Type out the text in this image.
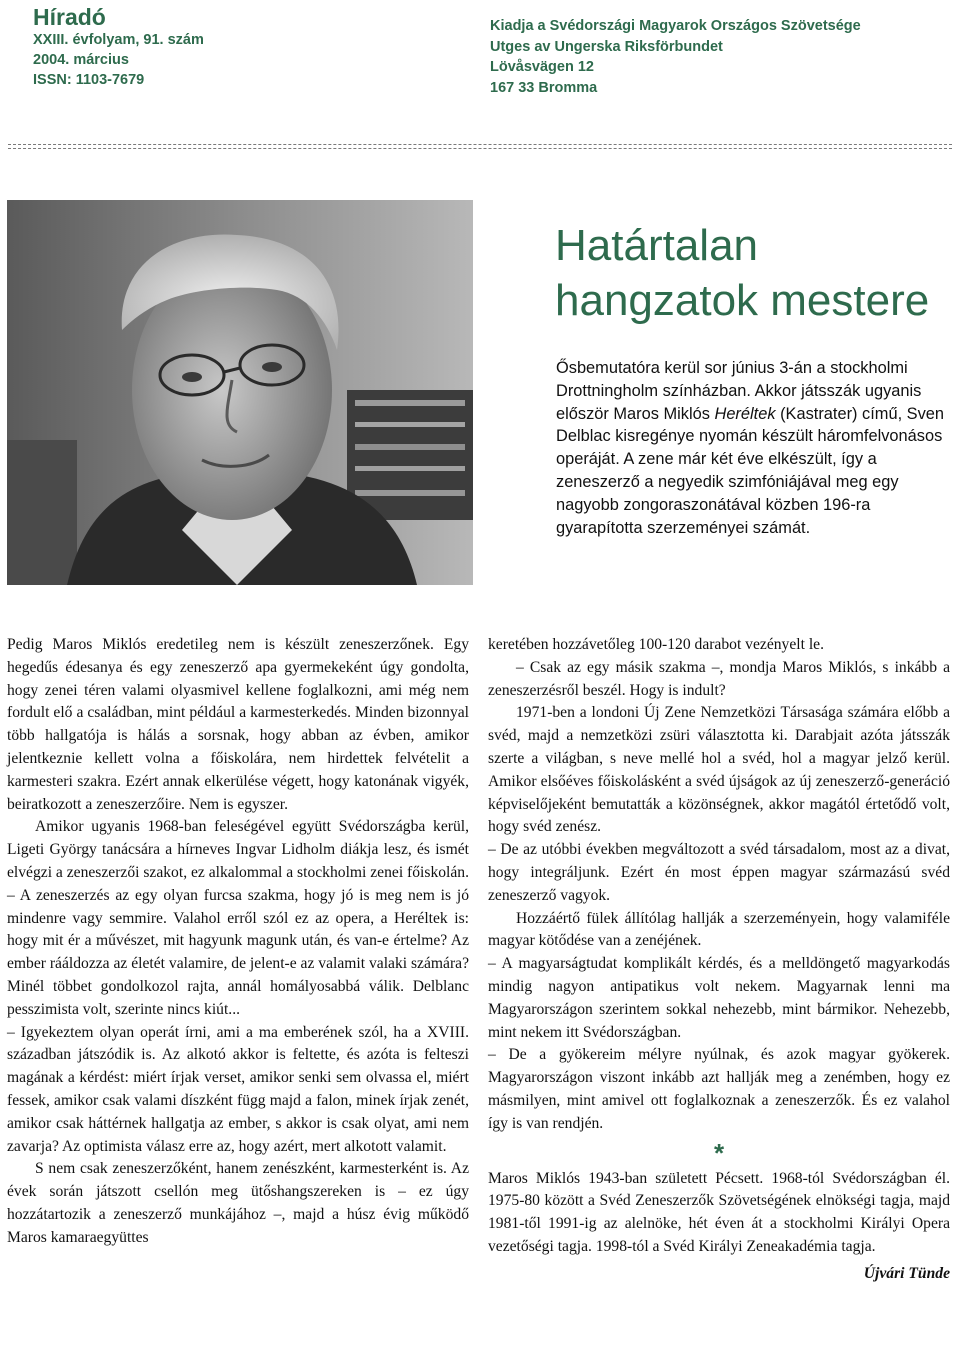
Híradó
XXIII. évfolyam, 91. szám
2004. március
ISSN: 1103-7679
Kiadja a Svédországi Magyarok Országos Szövetsége
Utges av Ungerska Riksförbundet
Lövåsvägen 12
167 33 Bromma
Határtalan
hangzatok mestere

Ősbemutatóra kerül sor június 3-án a stockholmi Drottningholm színházban. Akkor játsszák ugyanis először Maros Miklós Heréltek (Kastrater) című, Sven Delblac kisregénye nyomán készült háromfelvonásos operáját. A zene már két éve elkészült, így a zeneszerző a negyedik szimfóniájával meg egy nagyobb zongoraszonátával közben 196-ra gyarapította szerzeményei számát.

Pedig Maros Miklós eredetileg nem is készült zeneszerzőnek. Egy hegedűs édesanya és egy zeneszerző apa gyermekeként úgy gondolta, hogy zenei téren valami olyasmivel kellene foglalkozni, ami még nem fordult elő a családban, mint például a karmesterkedés. Minden bizonnyal több hallgatója is hálás a sorsnak, hogy abban az évben, amikor jelentkeznie kellett volna a főiskolára, nem hirdettek felvételit a karmesteri szakra. Ezért annak elkerülése végett, hogy katonának vigyék, beiratkozott a zeneszerzőire. Nem is egyszer.

Amikor ugyanis 1968-ban feleségével együtt Svédországba kerül, Ligeti György tanácsára a hírneves Ingvar Lidholm diákja lesz, és ismét elvégzi a zeneszerzői szakot, ez alkalommal a stockholmi zenei főiskolán.

– A zeneszerzés az egy olyan furcsa szakma, hogy jó is meg nem is jó mindenre vagy semmire. Valahol erről szól ez az opera, a Heréltek is: hogy mit ér a művészet, mit hagyunk magunk után, és van-e értelme? Az ember rááldozza az életét valamire, de jelent-e az valamit valaki számára? Minél többet gondolkozol rajta, annál homályosabbá válik. Delblanc pesszimista volt, szerinte nincs kiút...

– Igyekeztem olyan operát írni, ami a ma emberének szól, ha a XVIII. században játszódik is. Az alkotó akkor is feltette, és azóta is felteszi magának a kérdést: miért írjak verset, amikor senki sem olvassa el, miért fessek, amikor csak valami díszként függ majd a falon, minek írjak zenét, amikor csak háttérnek hallgatja az ember, s akkor is csak olyat, ami nem zavarja? Az optimista válasz erre az, hogy azért, mert alkotott valamit.

S nem csak zeneszerzőként, hanem zenészként, karmesterként is. Az évek során játszott csellón meg ütőshangszereken is – ez úgy hozzátartozik a zeneszerző munkájához –, majd a húsz évig működő Maros kamaraegyüttes

keretében hozzávetőleg 100-120 darabot vezényelt le.

– Csak az egy másik szakma –, mondja Maros Miklós, s inkább a zeneszerzésről beszél. Hogy is indult?

1971-ben a londoni Új Zene Nemzetközi Társasága számára előbb a svéd, majd a nemzetközi zsüri választotta ki. Darabjait azóta játsszák szerte a világban, s neve mellé hol a svéd, hol a magyar jelző kerül. Amikor elsőéves főiskolásként a svéd újságok az új zeneszerző-generáció képviselőjeként bemutatták a közönségnek, akkor magától értetődő volt, hogy svéd zenész.

– De az utóbbi években megváltozott a svéd társadalom, most az a divat, hogy integráljunk. Ezért én most éppen magyar származású svéd zeneszerző vagyok.

Hozzáértő fülek állítólag hallják a szerzeményein, hogy valamiféle magyar kötődése van a zenéjének.

– A magyarságtudat komplikált kérdés, és a melldöngető magyarkodás mindig nagyon antipatikus volt nekem. Magyarnak lenni ma Magyarországon szerintem sokkal nehezebb, mint bármikor. Nehezebb, mint nekem itt Svédországban.

– De a gyökereim mélyre nyúlnak, és azok magyar gyökerek. Magyarországon viszont inkább azt hallják meg a zenémben, hogy ez másmilyen, mint amivel ott foglalkoznak a zeneszerzők. És ez valahol így is van rendjén.

*

Maros Miklós 1943-ban született Pécsett. 1968-tól Svédországban él. 1975-80 között a Svéd Zeneszerzők Szövetségének elnökségi tagja, majd 1981-től 1991-ig az alelnöke, hét éven át a stockholmi Királyi Opera vezetőségi tagja. 1998-tól a Svéd Királyi Zeneakadémia tagja.

Újvári Tünde
